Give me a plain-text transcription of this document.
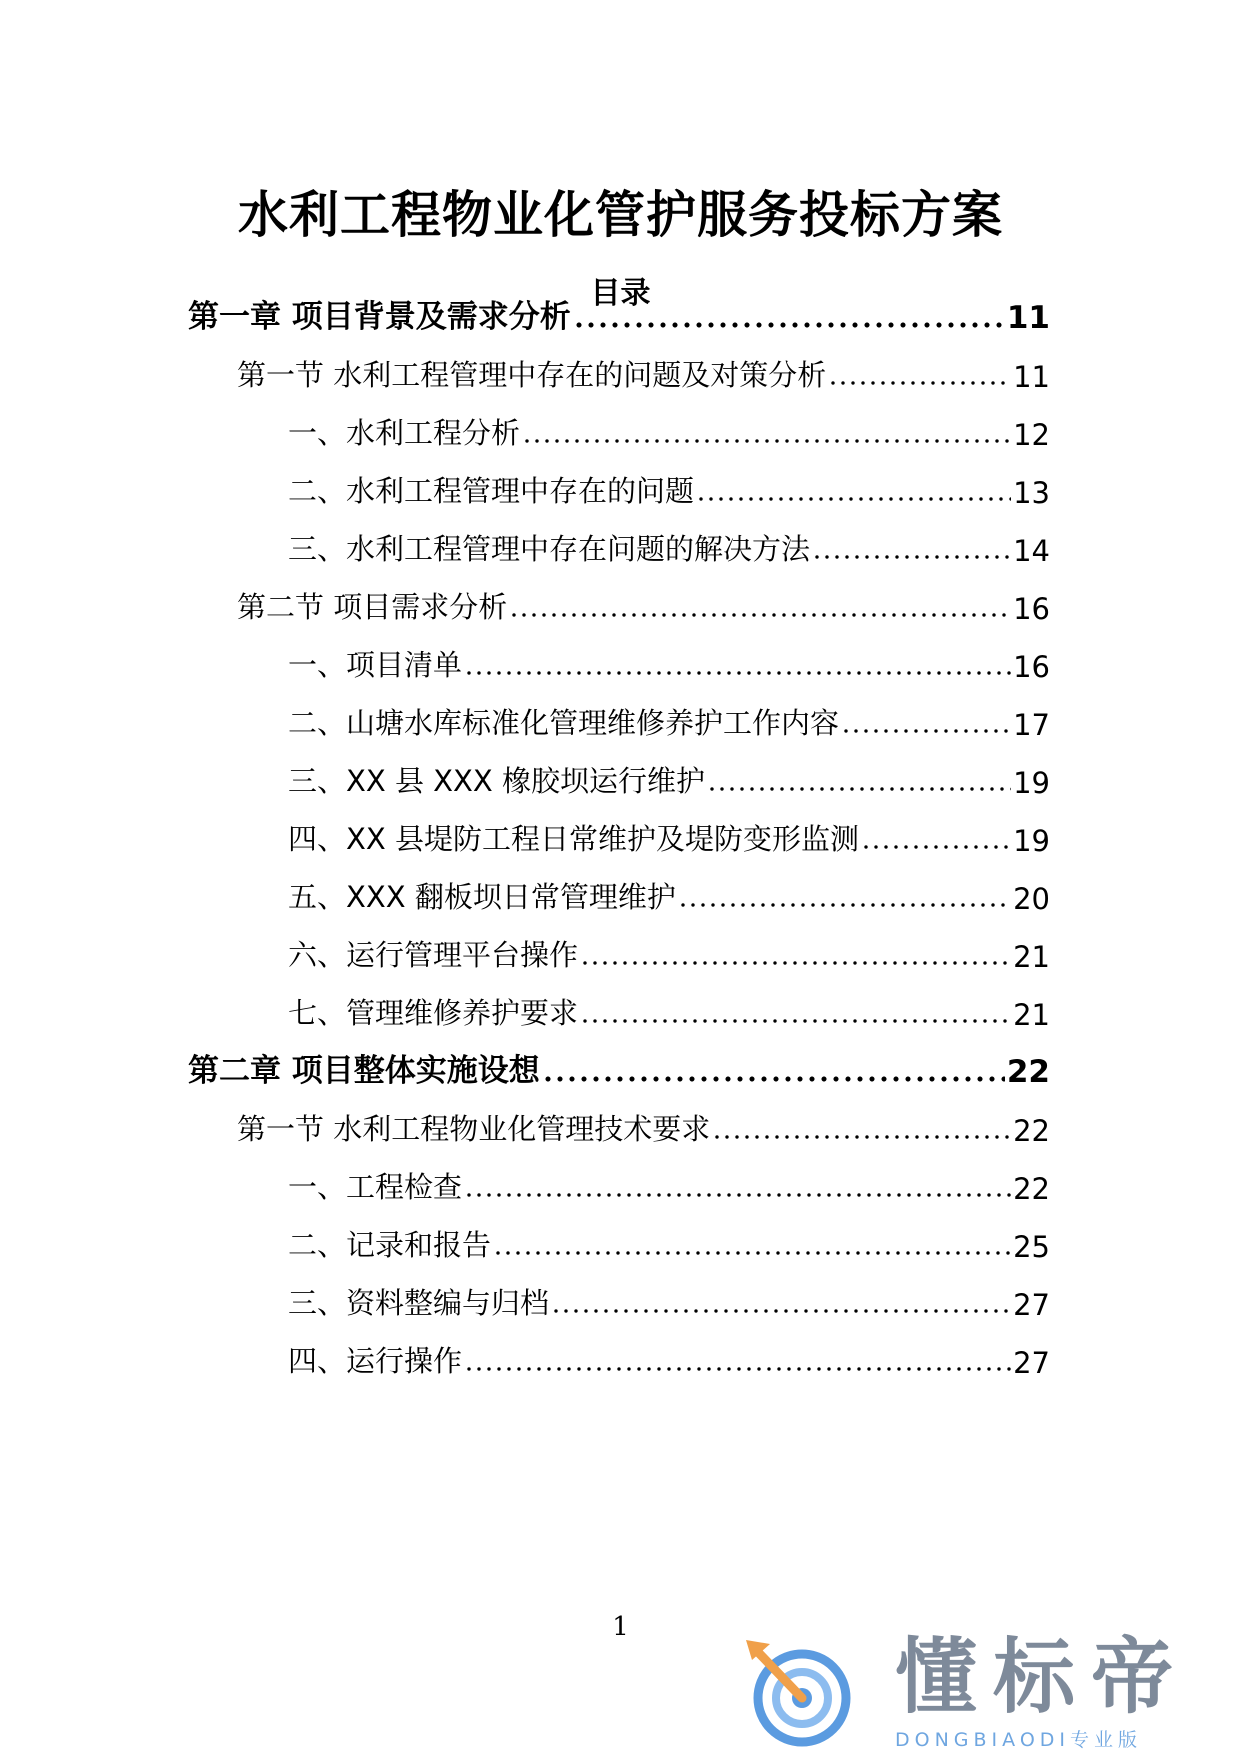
水利工程物业化管护服务投标方案
目录
第一章 项目背景及需求分析	11
第一节 水利工程管理中存在的问题及对策分析	11
一、水利工程分析	12
二、水利工程管理中存在的问题	13
三、水利工程管理中存在问题的解决方法	14
第二节 项目需求分析	16
一、项目清单	16
二、山塘水库标准化管理维修养护工作内容	17
三、XX 县 XXX 橡胶坝运行维护	19
四、XX 县堤防工程日常维护及堤防变形监测	19
五、XXX 翻板坝日常管理维护	20
六、运行管理平台操作	21
七、管理维修养护要求	21
第二章 项目整体实施设想	22
第一节 水利工程物业化管理技术要求	22
一、工程检查	22
二、记录和报告	25
三、资料整编与归档	27
四、运行操作	27
1
懂标帝
DONGBIAODI专业版
